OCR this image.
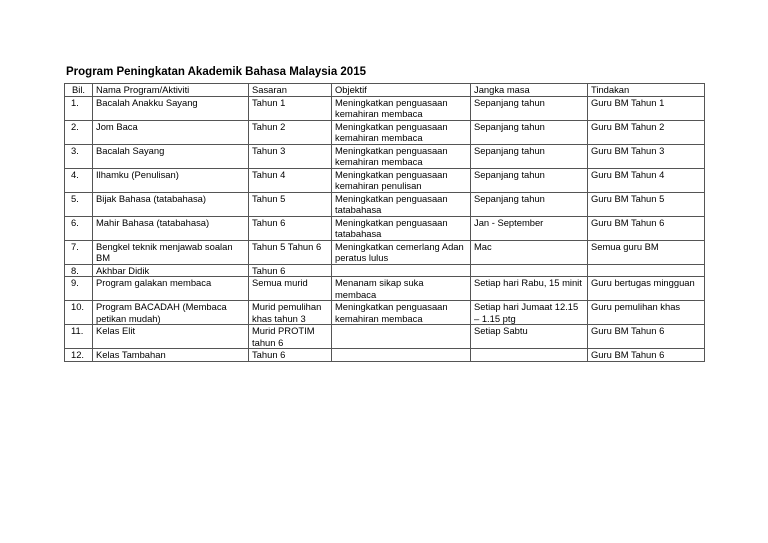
Program Peningkatan Akademik Bahasa Malaysia 2015
Bil.	Nama Program/Aktiviti	Sasaran	Objektif	Jangka masa	Tindakan
1.	Bacalah Anakku Sayang	Tahun 1	Meningkatkan penguasaan kemahiran membaca	Sepanjang tahun	Guru BM Tahun 1
2.	Jom Baca	Tahun 2	Meningkatkan penguasaan kemahiran membaca	Sepanjang tahun	Guru BM Tahun 2
3.	Bacalah Sayang	Tahun 3	Meningkatkan penguasaan kemahiran membaca	Sepanjang tahun	Guru BM Tahun 3
4.	Ilhamku (Penulisan)	Tahun 4	Meningkatkan penguasaan kemahiran penulisan	Sepanjang tahun	Guru BM Tahun 4
5.	Bijak Bahasa (tatabahasa)	Tahun 5	Meningkatkan penguasaan tatabahasa	Sepanjang tahun	Guru BM Tahun 5
6.	Mahir Bahasa (tatabahasa)	Tahun 6	Meningkatkan penguasaan tatabahasa	Jan - September	Guru BM Tahun 6
7.	Bengkel teknik menjawab soalan BM	Tahun 5 Tahun 6	Meningkatkan cemerlang Adan peratus lulus	Mac	Semua guru BM
8.	Akhbar Didik	Tahun 6			
9.	Program galakan membaca	Semua murid	Menanam sikap suka membaca	Setiap hari Rabu, 15 minit	Guru bertugas mingguan
10.	Program BACADAH (Membaca petikan mudah)	Murid pemulihan khas tahun 3	Meningkatkan penguasaan kemahiran membaca	Setiap hari Jumaat 12.15 – 1.15 ptg	Guru pemulihan khas
11.	Kelas Elit	Murid PROTIM tahun 6		Setiap Sabtu	Guru BM Tahun 6
12.	Kelas Tambahan	Tahun 6			Guru BM Tahun 6
